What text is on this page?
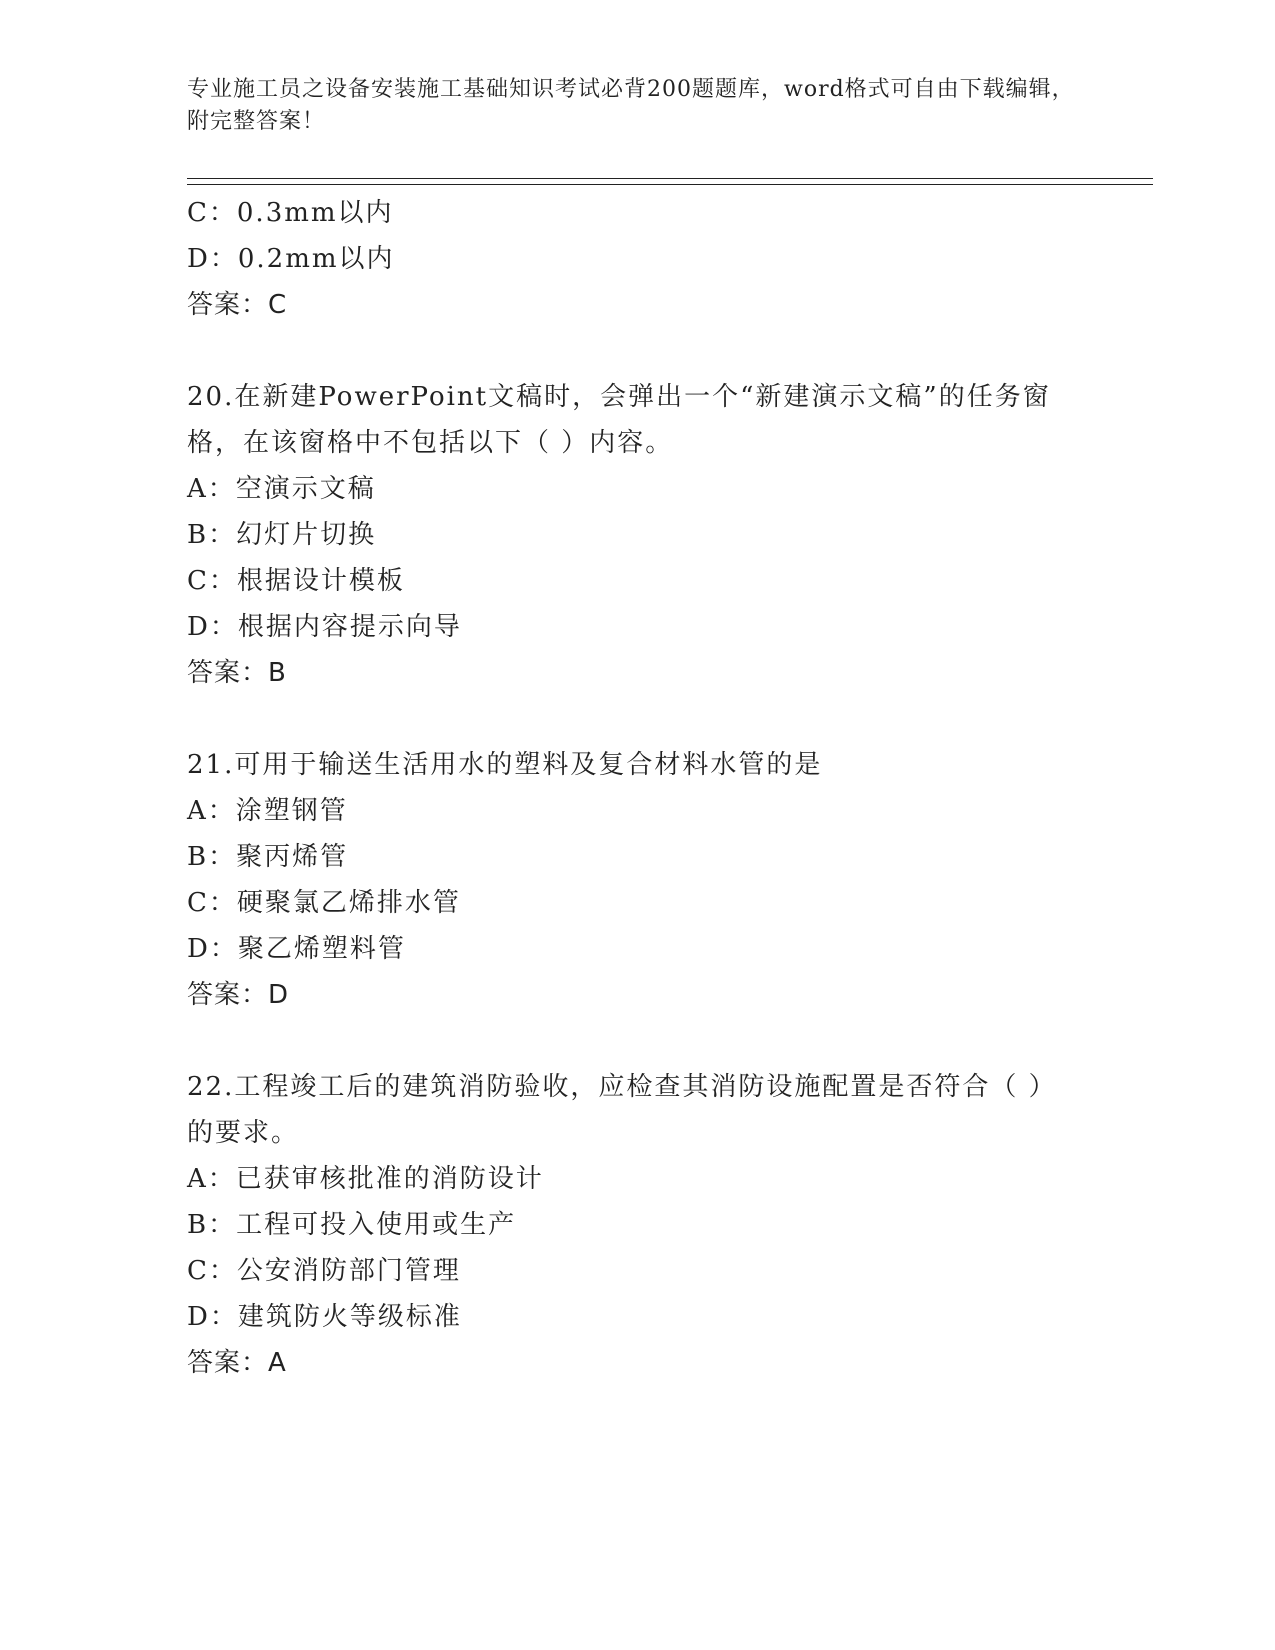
专业施工员之设备安装施工基础知识考试必背200题题库，word格式可自由下载编辑，附完整答案！
C：0.3mm以内
D：0.2mm以内
答案：C
20.在新建PowerPoint文稿时，会弹出一个“新建演示文稿”的任务窗格，在该窗格中不包括以下（ ）内容。
A：空演示文稿
B：幻灯片切换
C：根据设计模板
D：根据内容提示向导
答案：B
21.可用于输送生活用水的塑料及复合材料水管的是
A：涂塑钢管
B：聚丙烯管
C：硬聚氯乙烯排水管
D：聚乙烯塑料管
答案：D
22.工程竣工后的建筑消防验收，应检查其消防设施配置是否符合（ ）的要求。
A：已获审核批准的消防设计
B：工程可投入使用或生产
C：公安消防部门管理
D：建筑防火等级标准
答案：A
